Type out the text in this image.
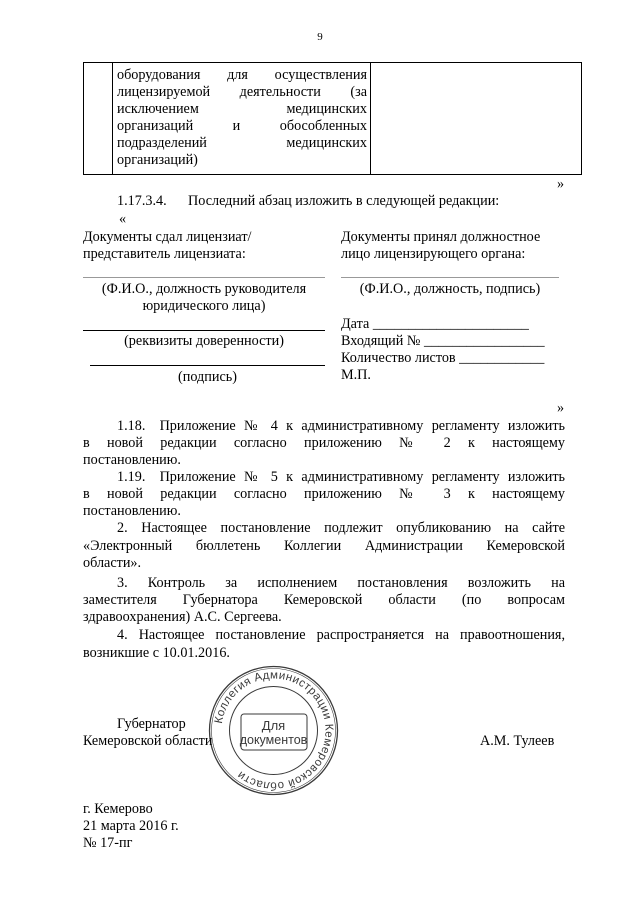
9
оборудования для осуществления
лицензируемой деятельности (за
исключением медицинских
организаций и обособленных
подразделений медицинских
организаций)
»
1.17.3.4. Последний абзац изложить в следующей редакции:
«
Документы сдал лицензиат/
представитель лицензиата:
(Ф.И.О., должность руководителя
юридического лица)
(реквизиты доверенности)
(подпись)
Документы принял должностное
лицо лицензирующего органа:
(Ф.И.О., должность, подпись)
Дата ______________________
Входящий № _________________
Количество листов ____________
М.П.
»
1.18. Приложение № 4 к административному регламенту изложить
в новой редакции согласно приложению № 2 к настоящему
постановлению.
1.19. Приложение № 5 к административному регламенту изложить
в новой редакции согласно приложению № 3 к настоящему
постановлению.
2. Настоящее постановление подлежит опубликованию на сайте
«Электронный бюллетень Коллегии Администрации Кемеровской
области».
3. Контроль за исполнением постановления возложить на
заместителя Губернатора Кемеровской области (по вопросам
здравоохранения) А.С. Сергеева.
4. Настоящее постановление распространяется на правоотношения,
возникшие с 10.01.2016.
Коллегия Администрации Кемеровской области
Для
документов
Губернатор
Кемеровской области	А.М. Тулеев
г. Кемерово
21 марта 2016 г.
№ 17-пг
